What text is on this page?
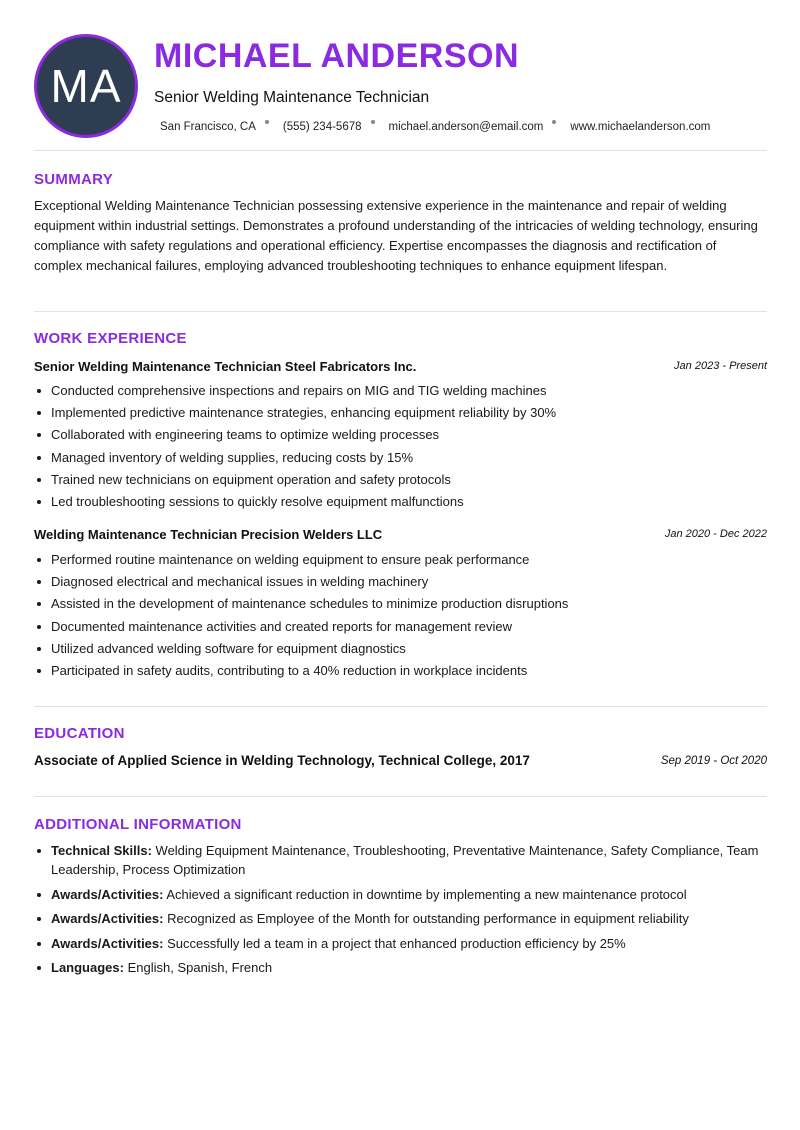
MA
MICHAEL ANDERSON
Senior Welding Maintenance Technician
San Francisco, CA (555) 234-5678 michael.anderson@email.com www.michaelanderson.com
SUMMARY
Exceptional Welding Maintenance Technician possessing extensive experience in the maintenance and repair of welding equipment within industrial settings. Demonstrates a profound understanding of the intricacies of welding technology, ensuring compliance with safety regulations and operational efficiency. Expertise encompasses the diagnosis and rectification of complex mechanical failures, employing advanced troubleshooting techniques to enhance equipment lifespan.
WORK EXPERIENCE
Senior Welding Maintenance Technician Steel Fabricators Inc.	Jan 2023 - Present
Conducted comprehensive inspections and repairs on MIG and TIG welding machines
Implemented predictive maintenance strategies, enhancing equipment reliability by 30%
Collaborated with engineering teams to optimize welding processes
Managed inventory of welding supplies, reducing costs by 15%
Trained new technicians on equipment operation and safety protocols
Led troubleshooting sessions to quickly resolve equipment malfunctions
Welding Maintenance Technician Precision Welders LLC	Jan 2020 - Dec 2022
Performed routine maintenance on welding equipment to ensure peak performance
Diagnosed electrical and mechanical issues in welding machinery
Assisted in the development of maintenance schedules to minimize production disruptions
Documented maintenance activities and created reports for management review
Utilized advanced welding software for equipment diagnostics
Participated in safety audits, contributing to a 40% reduction in workplace incidents
EDUCATION
Associate of Applied Science in Welding Technology, Technical College, 2017	Sep 2019 - Oct 2020
ADDITIONAL INFORMATION
Technical Skills: Welding Equipment Maintenance, Troubleshooting, Preventative Maintenance, Safety Compliance, Team Leadership, Process Optimization
Awards/Activities: Achieved a significant reduction in downtime by implementing a new maintenance protocol
Awards/Activities: Recognized as Employee of the Month for outstanding performance in equipment reliability
Awards/Activities: Successfully led a team in a project that enhanced production efficiency by 25%
Languages: English, Spanish, French
